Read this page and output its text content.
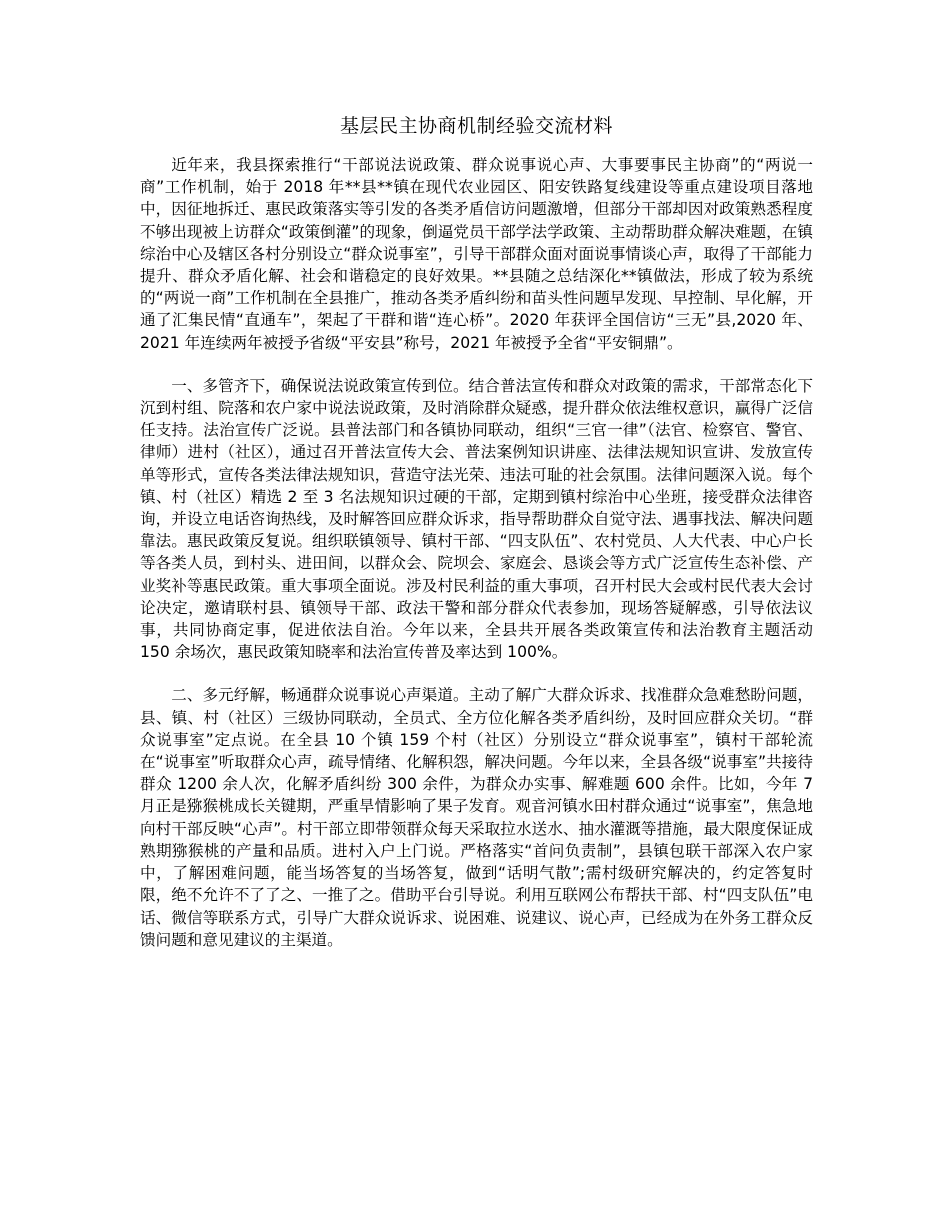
基层民主协商机制经验交流材料

近年来，我县探索推行“干部说法说政策、群众说事说心声、大事要事民主协商”的“两说一商”工作机制，始于 2018 年**县**镇在现代农业园区、阳安铁路复线建设等重点建设项目落地中，因征地拆迁、惠民政策落实等引发的各类矛盾信访问题激增，但部分干部却因对政策熟悉程度不够出现被上访群众“政策倒灌”的现象，倒逼党员干部学法学政策、主动帮助群众解决难题，在镇综治中心及辖区各村分别设立“群众说事室”，引导干部群众面对面说事情谈心声，取得了干部能力提升、群众矛盾化解、社会和谐稳定的良好效果。**县随之总结深化**镇做法，形成了较为系统的“两说一商”工作机制在全县推广，推动各类矛盾纠纷和苗头性问题早发现、早控制、早化解，开通了汇集民情“直通车”，架起了干群和谐“连心桥”。2020 年获评全国信访“三无”县,2020 年、2021 年连续两年被授予省级“平安县”称号，2021 年被授予全省“平安铜鼎”。

一、多管齐下，确保说法说政策宣传到位。结合普法宣传和群众对政策的需求，干部常态化下沉到村组、院落和农户家中说法说政策，及时消除群众疑惑，提升群众依法维权意识，赢得广泛信任支持。法治宣传广泛说。县普法部门和各镇协同联动，组织“三官一律”（法官、检察官、警官、律师）进村（社区），通过召开普法宣传大会、普法案例知识讲座、法律法规知识宣讲、发放宣传单等形式，宣传各类法律法规知识，营造守法光荣、违法可耻的社会氛围。法律问题深入说。每个镇、村（社区）精选 2 至 3 名法规知识过硬的干部，定期到镇村综治中心坐班，接受群众法律咨询，并设立电话咨询热线，及时解答回应群众诉求，指导帮助群众自觉守法、遇事找法、解决问题靠法。惠民政策反复说。组织联镇领导、镇村干部、“四支队伍”、农村党员、人大代表、中心户长等各类人员，到村头、进田间，以群众会、院坝会、家庭会、恳谈会等方式广泛宣传生态补偿、产业奖补等惠民政策。重大事项全面说。涉及村民利益的重大事项，召开村民大会或村民代表大会讨论决定，邀请联村县、镇领导干部、政法干警和部分群众代表参加，现场答疑解惑，引导依法议事，共同协商定事，促进依法自治。今年以来，全县共开展各类政策宣传和法治教育主题活动 150 余场次，惠民政策知晓率和法治宣传普及率达到 100%。

二、多元纾解，畅通群众说事说心声渠道。主动了解广大群众诉求、找准群众急难愁盼问题，县、镇、村（社区）三级协同联动，全员式、全方位化解各类矛盾纠纷，及时回应群众关切。“群众说事室”定点说。在全县 10 个镇 159 个村（社区）分别设立“群众说事室”，镇村干部轮流在“说事室”听取群众心声，疏导情绪、化解积怨，解决问题。今年以来，全县各级“说事室”共接待群众 1200 余人次，化解矛盾纠纷 300 余件，为群众办实事、解难题 600 余件。比如，今年 7 月正是猕猴桃成长关键期，严重旱情影响了果子发育。观音河镇水田村群众通过“说事室”，焦急地向村干部反映“心声”。村干部立即带领群众每天采取拉水送水、抽水灌溉等措施，最大限度保证成熟期猕猴桃的产量和品质。进村入户上门说。严格落实“首问负责制”，县镇包联干部深入农户家中，了解困难问题，能当场答复的当场答复，做到“话明气散”;需村级研究解决的，约定答复时限，绝不允许不了了之、一推了之。借助平台引导说。利用互联网公布帮扶干部、村“四支队伍”电话、微信等联系方式，引导广大群众说诉求、说困难、说建议、说心声，已经成为在外务工群众反馈问题和意见建议的主渠道。
